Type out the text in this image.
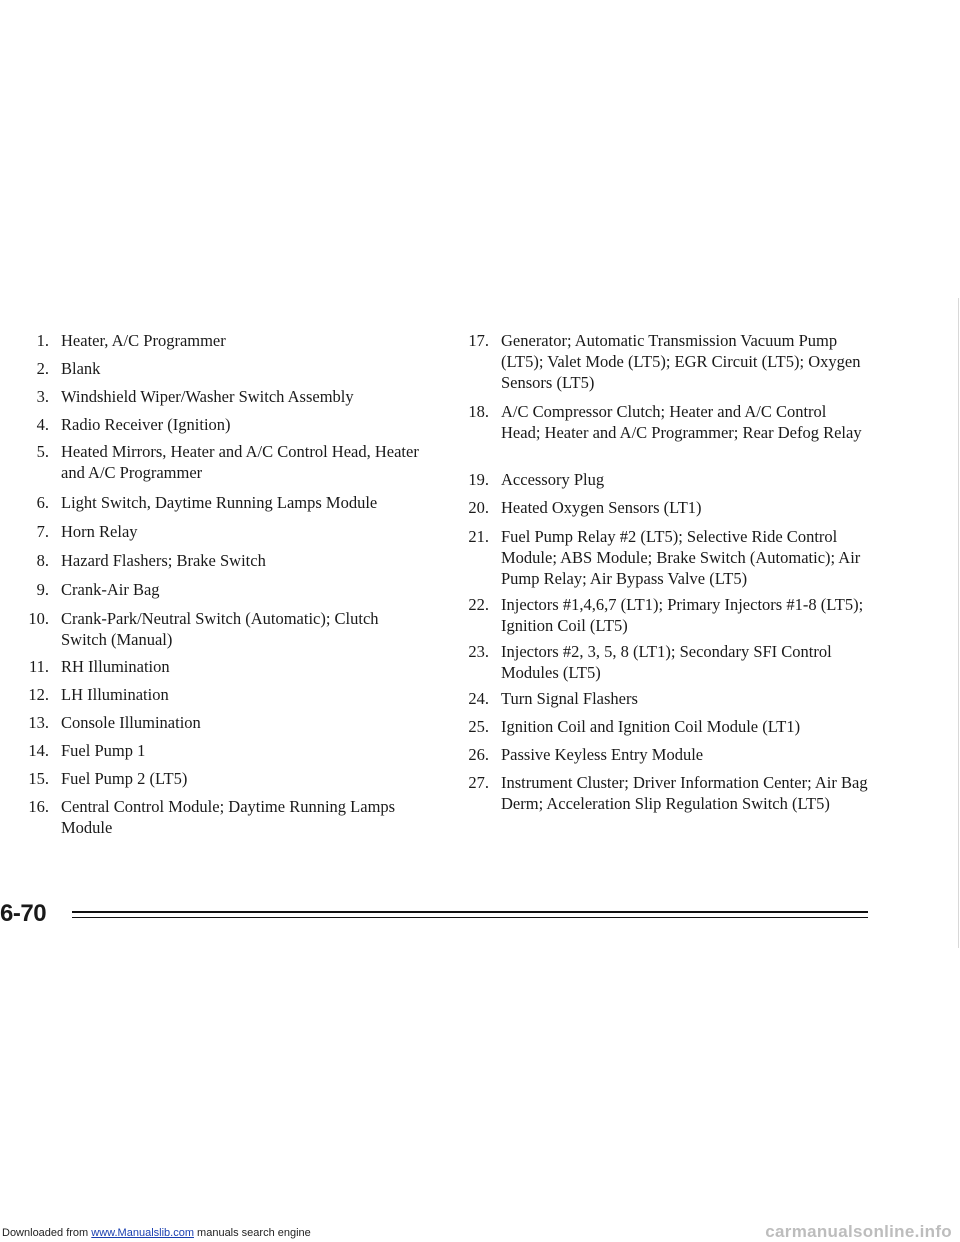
1. Heater, A/C Programmer
2. Blank
3. Windshield Wiper/Washer Switch Assembly
4. Radio Receiver (Ignition)
5. Heated Mirrors, Heater and A/C Control Head, Heater and A/C Programmer
6. Light Switch, Daytime Running Lamps Module
7. Horn Relay
8. Hazard Flashers; Brake Switch
9. Crank-Air Bag
10. Crank-Park/Neutral Switch (Automatic); Clutch Switch (Manual)
11. RH Illumination
12. LH Illumination
13. Console Illumination
14. Fuel Pump 1
15. Fuel Pump 2 (LT5)
16. Central Control Module; Daytime Running Lamps Module
17. Generator; Automatic Transmission Vacuum Pump (LT5); Valet Mode (LT5); EGR Circuit (LT5); Oxygen Sensors (LT5)
18. A/C Compressor Clutch; Heater and A/C Control Head; Heater and A/C Programmer; Rear Defog Relay
19. Accessory Plug
20. Heated Oxygen Sensors (LT1)
21. Fuel Pump Relay #2 (LT5); Selective Ride Control Module; ABS Module; Brake Switch (Automatic); Air Pump Relay; Air Bypass Valve (LT5)
22. Injectors #1,4,6,7 (LT1); Primary Injectors #1-8 (LT5); Ignition Coil (LT5)
23. Injectors #2, 3, 5, 8 (LT1); Secondary SFI Control Modules (LT5)
24. Turn Signal Flashers
25. Ignition Coil and Ignition Coil Module (LT1)
26. Passive Keyless Entry Module
27. Instrument Cluster; Driver Information Center; Air Bag Derm; Acceleration Slip Regulation Switch (LT5)
6-70
Downloaded from www.Manualslib.com manuals search engine	carmanualsonline.info
